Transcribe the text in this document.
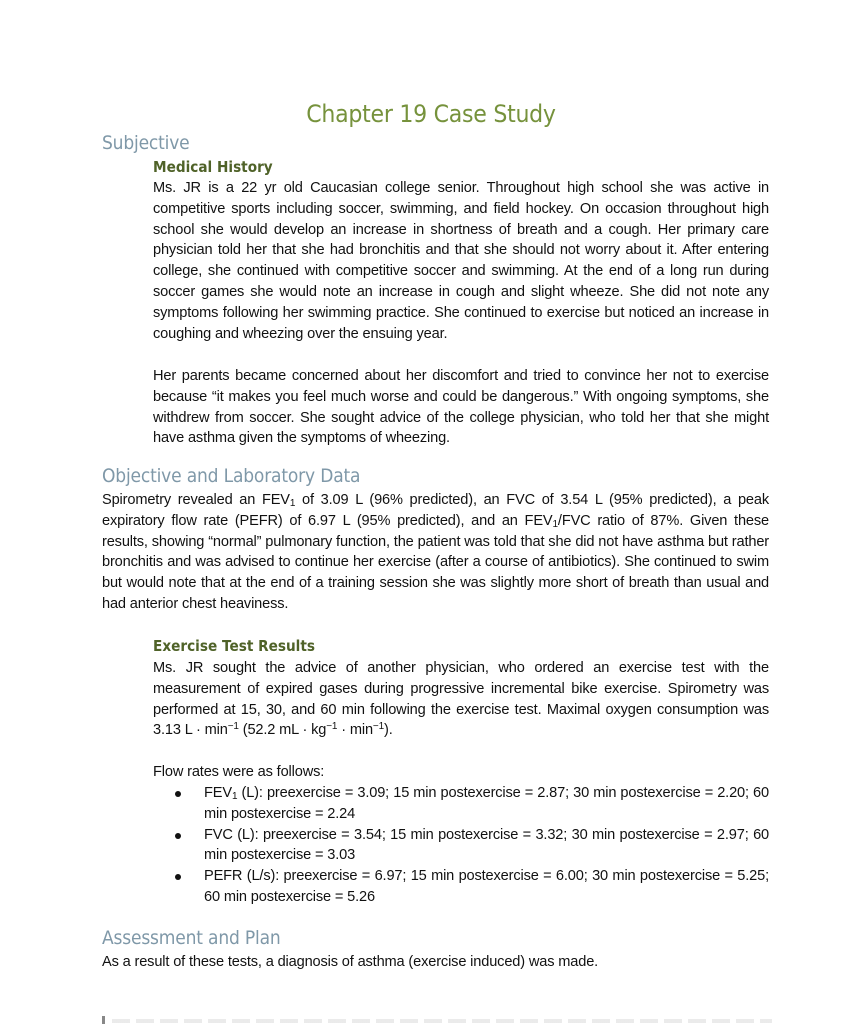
Chapter 19 Case Study
Subjective
Medical History
Ms. JR is a 22 yr old Caucasian college senior. Throughout high school she was active in competitive sports including soccer, swimming, and field hockey. On occasion throughout high school she would develop an increase in shortness of breath and a cough. Her primary care physician told her that she had bronchitis and that she should not worry about it. After entering college, she continued with competitive soccer and swimming. At the end of a long run during soccer games she would note an increase in cough and slight wheeze. She did not note any symptoms following her swimming practice. She continued to exercise but noticed an increase in coughing and wheezing over the ensuing year.
Her parents became concerned about her discomfort and tried to convince her not to exercise because “it makes you feel much worse and could be dangerous.” With ongoing symptoms, she withdrew from soccer. She sought advice of the college physician, who told her that she might have asthma given the symptoms of wheezing.
Objective and Laboratory Data
Spirometry revealed an $FEV_1$ of 3.09 L (96% predicted), an FVC of 3.54 L (95% predicted), a peak expiratory flow rate (PEFR) of 6.97 L (95% predicted), and an $FEV_1$/FVC ratio of 87%. Given these results, showing “normal” pulmonary function, the patient was told that she did not have asthma but rather bronchitis and was advised to continue her exercise (after a course of antibiotics). She continued to swim but would note that at the end of a training session she was slightly more short of breath than usual and had anterior chest heaviness.
Exercise Test Results
Ms. JR sought the advice of another physician, who ordered an exercise test with the measurement of expired gases during progressive incremental bike exercise. Spirometry was performed at 15, 30, and 60 min following the exercise test. Maximal oxygen consumption was 3.13 $L \cdot \min^{-1} (52.2$ mL · $kg^{-1} \cdot \min^{-1}$).
Flow rates were as follows:
$FEV_1$ (L): preexercise = 3.09; 15 min postexercise = 2.87; 30 min postexercise = 2.20; 60 min postexercise = 2.24
FVC (L): preexercise = 3.54; 15 min postexercise = 3.32; 30 min postexercise = 2.97; 60 min postexercise = 3.03
PEFR (L/s): preexercise = 6.97; 15 min postexercise = 6.00; 30 min postexercise = 5.25; 60 min postexercise = 5.26
Assessment and Plan
As a result of these tests, a diagnosis of asthma (exercise induced) was made.
